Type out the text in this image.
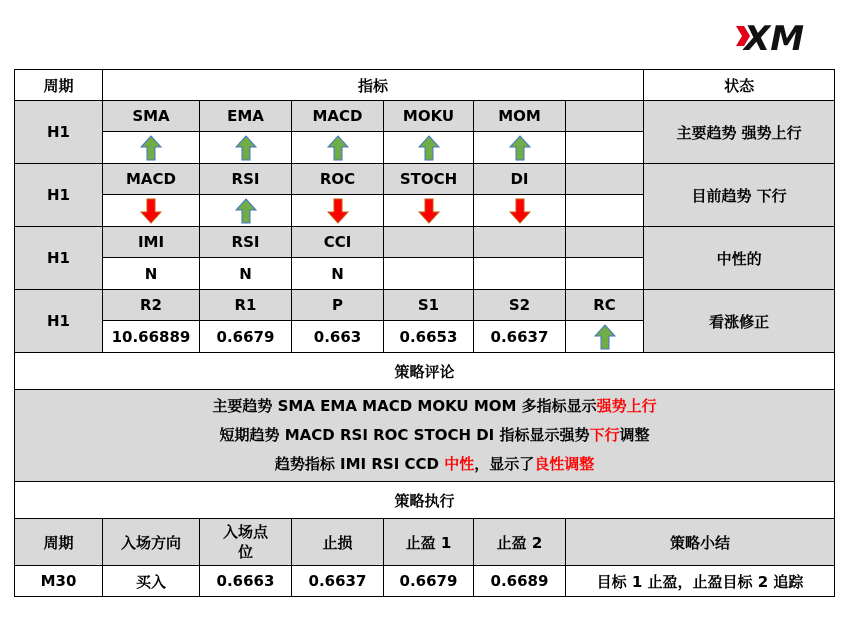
XM
周期	指标						状态
H1	SMA	EMA	MACD	MOKU	MOM		主要趋势 强势上行

H1	MACD	RSI	ROC	STOCH	DI		目前趋势 下行

H1	IMI	RSI	CCI				中性的
	N	N	N				
H1	R2	R1	P	S1	S2	RC	看涨修正
	10.66889	0.6679	0.663	0.6653	0.6637	
策略评论							

主要趋势 SMA EMA MACD MOKU MOM 多指标显示强势上行
短期趋势 MACD RSI ROC STOCH DI 指标显示强势下行调整
趋势指标 IMI RSI CCD 中性，显示了良性调整							

策略执行							
周期	入场方向	入场点位	止损	止盈 1	止盈 2	策略小结	
M30	买入	0.6663	0.6637	0.6679	0.6689	目标 1 止盈，止盈目标 2 追踪	
